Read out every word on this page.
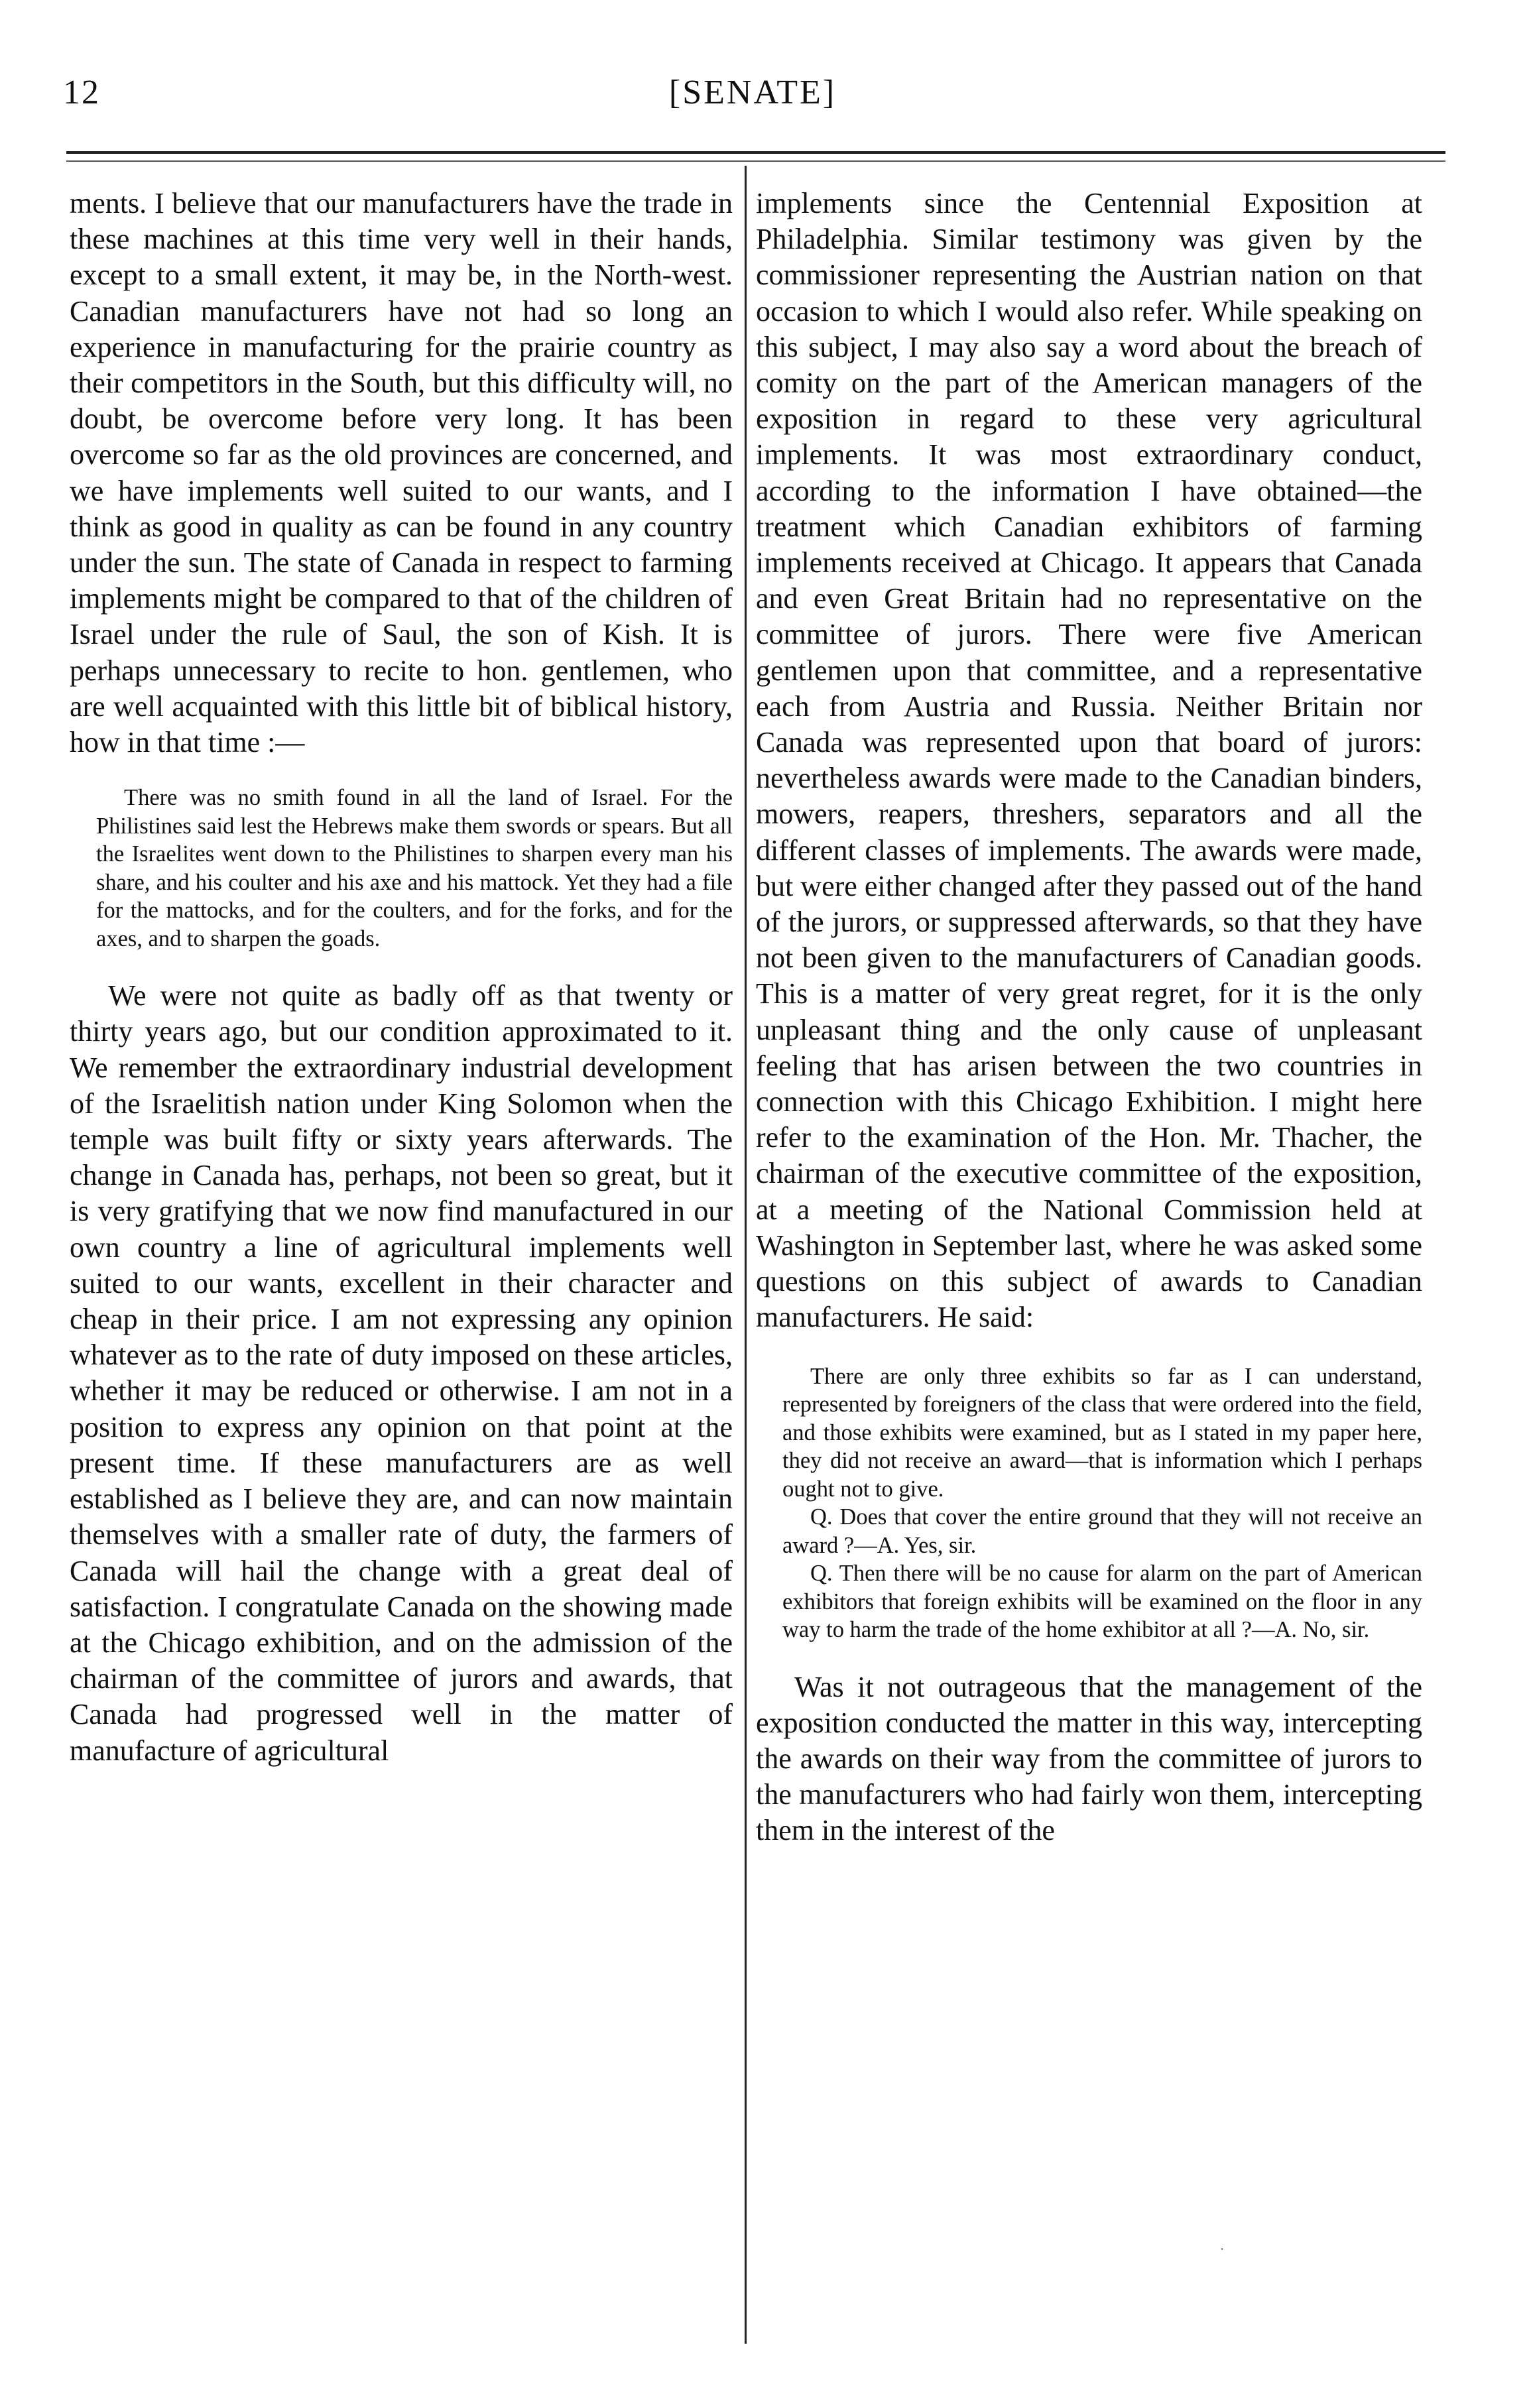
12	[SENATE]

ments. I believe that our manufacturers have the trade in these machines at this time very well in their hands, except to a small extent, it may be, in the North-west. Canadian manufacturers have not had so long an experience in manufacturing for the prairie country as their competitors in the South, but this difficulty will, no doubt, be overcome before very long. It has been overcome so far as the old provinces are concerned, and we have implements well suited to our wants, and I think as good in quality as can be found in any country under the sun. The state of Canada in respect to farming implements might be compared to that of the children of Israel under the rule of Saul, the son of Kish. It is perhaps unnecessary to recite to hon. gentlemen, who are well acquainted with this little bit of biblical history, how in that time :—

There was no smith found in all the land of Israel. For the Philistines said lest the Hebrews make them swords or spears. But all the Israelites went down to the Philistines to sharpen every man his share, and his coulter and his axe and his mattock. Yet they had a file for the mattocks, and for the coulters, and for the forks, and for the axes, and to sharpen the goads.

We were not quite as badly off as that twenty or thirty years ago, but our condition approximated to it. We remember the extraordinary industrial development of the Israelitish nation under King Solomon when the temple was built fifty or sixty years afterwards. The change in Canada has, perhaps, not been so great, but it is very gratifying that we now find manufactured in our own country a line of agricultural implements well suited to our wants, excellent in their character and cheap in their price. I am not expressing any opinion whatever as to the rate of duty imposed on these articles, whether it may be reduced or otherwise. I am not in a position to express any opinion on that point at the present time. If these manufacturers are as well established as I believe they are, and can now maintain themselves with a smaller rate of duty, the farmers of Canada will hail the change with a great deal of satisfaction. I congratulate Canada on the showing made at the Chicago exhibition, and on the admission of the chairman of the committee of jurors and awards, that Canada had progressed well in the matter of manufacture of agricultural

implements since the Centennial Exposition at Philadelphia. Similar testimony was given by the commissioner representing the Austrian nation on that occasion to which I would also refer. While speaking on this subject, I may also say a word about the breach of comity on the part of the American managers of the exposition in regard to these very agricultural implements. It was most extraordinary conduct, according to the information I have obtained—the treatment which Canadian exhibitors of farming implements received at Chicago. It appears that Canada and even Great Britain had no representative on the committee of jurors. There were five American gentlemen upon that committee, and a representative each from Austria and Russia. Neither Britain nor Canada was represented upon that board of jurors: nevertheless awards were made to the Canadian binders, mowers, reapers, threshers, separators and all the different classes of implements. The awards were made, but were either changed after they passed out of the hand of the jurors, or suppressed afterwards, so that they have not been given to the manufacturers of Canadian goods. This is a matter of very great regret, for it is the only unpleasant thing and the only cause of unpleasant feeling that has arisen between the two countries in connection with this Chicago Exhibition. I might here refer to the examination of the Hon. Mr. Thacher, the chairman of the executive committee of the exposition, at a meeting of the National Commission held at Washington in September last, where he was asked some questions on this subject of awards to Canadian manufacturers. He said:

There are only three exhibits so far as I can understand, represented by foreigners of the class that were ordered into the field, and those exhibits were examined, but as I stated in my paper here, they did not receive an award—that is information which I perhaps ought not to give.

Q. Does that cover the entire ground that they will not receive an award ?—A. Yes, sir.

Q. Then there will be no cause for alarm on the part of American exhibitors that foreign exhibits will be examined on the floor in any way to harm the trade of the home exhibitor at all ?—A. No, sir.

Was it not outrageous that the management of the exposition conducted the matter in this way, intercepting the awards on their way from the committee of jurors to the manufacturers who had fairly won them, intercepting them in the interest of the

·
